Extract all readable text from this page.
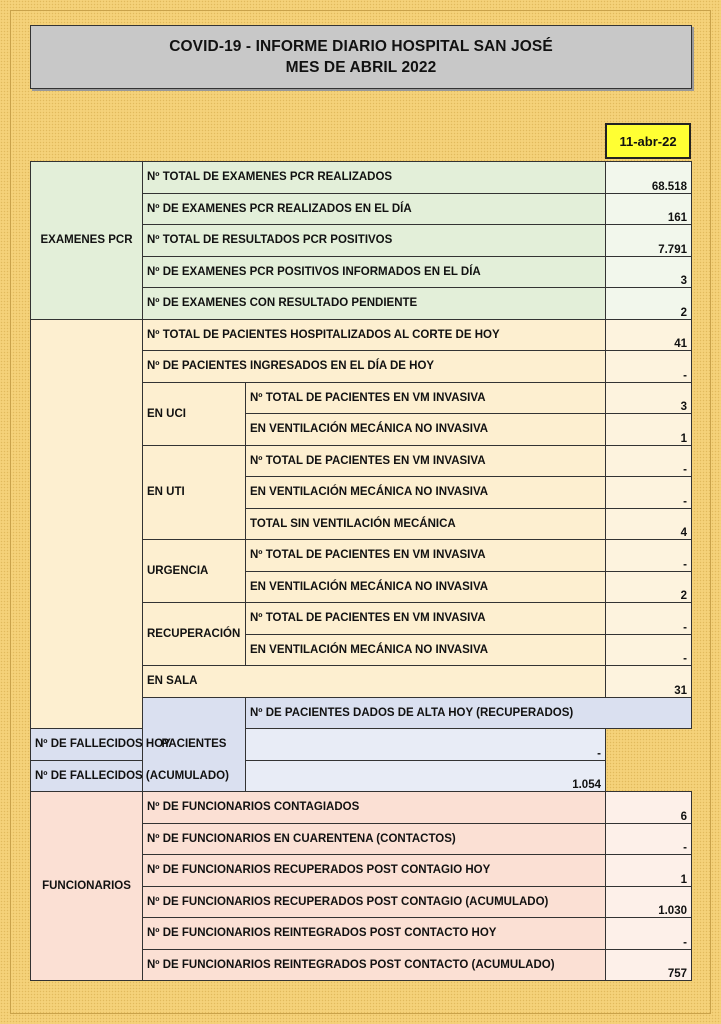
COVID-19 - INFORME DIARIO HOSPITAL SAN JOSÉ
MES DE ABRIL 2022
11-abr-22
EXAMENES PCR	Nº TOTAL DE EXAMENES PCR REALIZADOS		68.518	
	Nº DE EXAMENES PCR REALIZADOS EN EL DÍA		161	
	Nº TOTAL DE RESULTADOS PCR POSITIVOS		7.791	
	Nº DE EXAMENES PCR POSITIVOS INFORMADOS EN EL DÍA		3	
	Nº DE EXAMENES CON RESULTADO PENDIENTE		2	
	Nº TOTAL DE PACIENTES HOSPITALIZADOS AL CORTE DE HOY		41	
	Nº DE PACIENTES INGRESADOS EN EL DÍA DE HOY		-	
	EN UCI	Nº TOTAL DE PACIENTES EN VM INVASIVA	3	
		EN VENTILACIÓN MECÁNICA NO INVASIVA	1	
	EN UTI	Nº TOTAL DE PACIENTES EN VM INVASIVA	-	
		EN VENTILACIÓN MECÁNICA NO INVASIVA	-	
		TOTAL SIN VENTILACIÓN MECÁNICA	4	
	URGENCIA	Nº TOTAL DE PACIENTES EN VM INVASIVA	-	
		EN VENTILACIÓN MECÁNICA NO INVASIVA	2	
	RECUPERACIÓN	Nº TOTAL DE PACIENTES EN VM INVASIVA	-	
		EN VENTILACIÓN MECÁNICA NO INVASIVA	-	
	EN SALA		31	
	PACIENTES	Nº DE PACIENTES DADOS DE ALTA HOY (RECUPERADOS)	
Nº DE FALLECIDOS HOY		-		
Nº DE FALLECIDOS (ACUMULADO)		1.054		
FUNCIONARIOS	Nº DE FUNCIONARIOS CONTAGIADOS		6	
	Nº DE FUNCIONARIOS EN CUARENTENA (CONTACTOS)		-	
	Nº DE FUNCIONARIOS RECUPERADOS POST CONTAGIO HOY		1	
	Nº DE FUNCIONARIOS RECUPERADOS POST CONTAGIO (ACUMULADO)		1.030	
	Nº DE FUNCIONARIOS REINTEGRADOS POST CONTACTO HOY		-	
	Nº DE FUNCIONARIOS REINTEGRADOS POST CONTACTO (ACUMULADO)		757	
